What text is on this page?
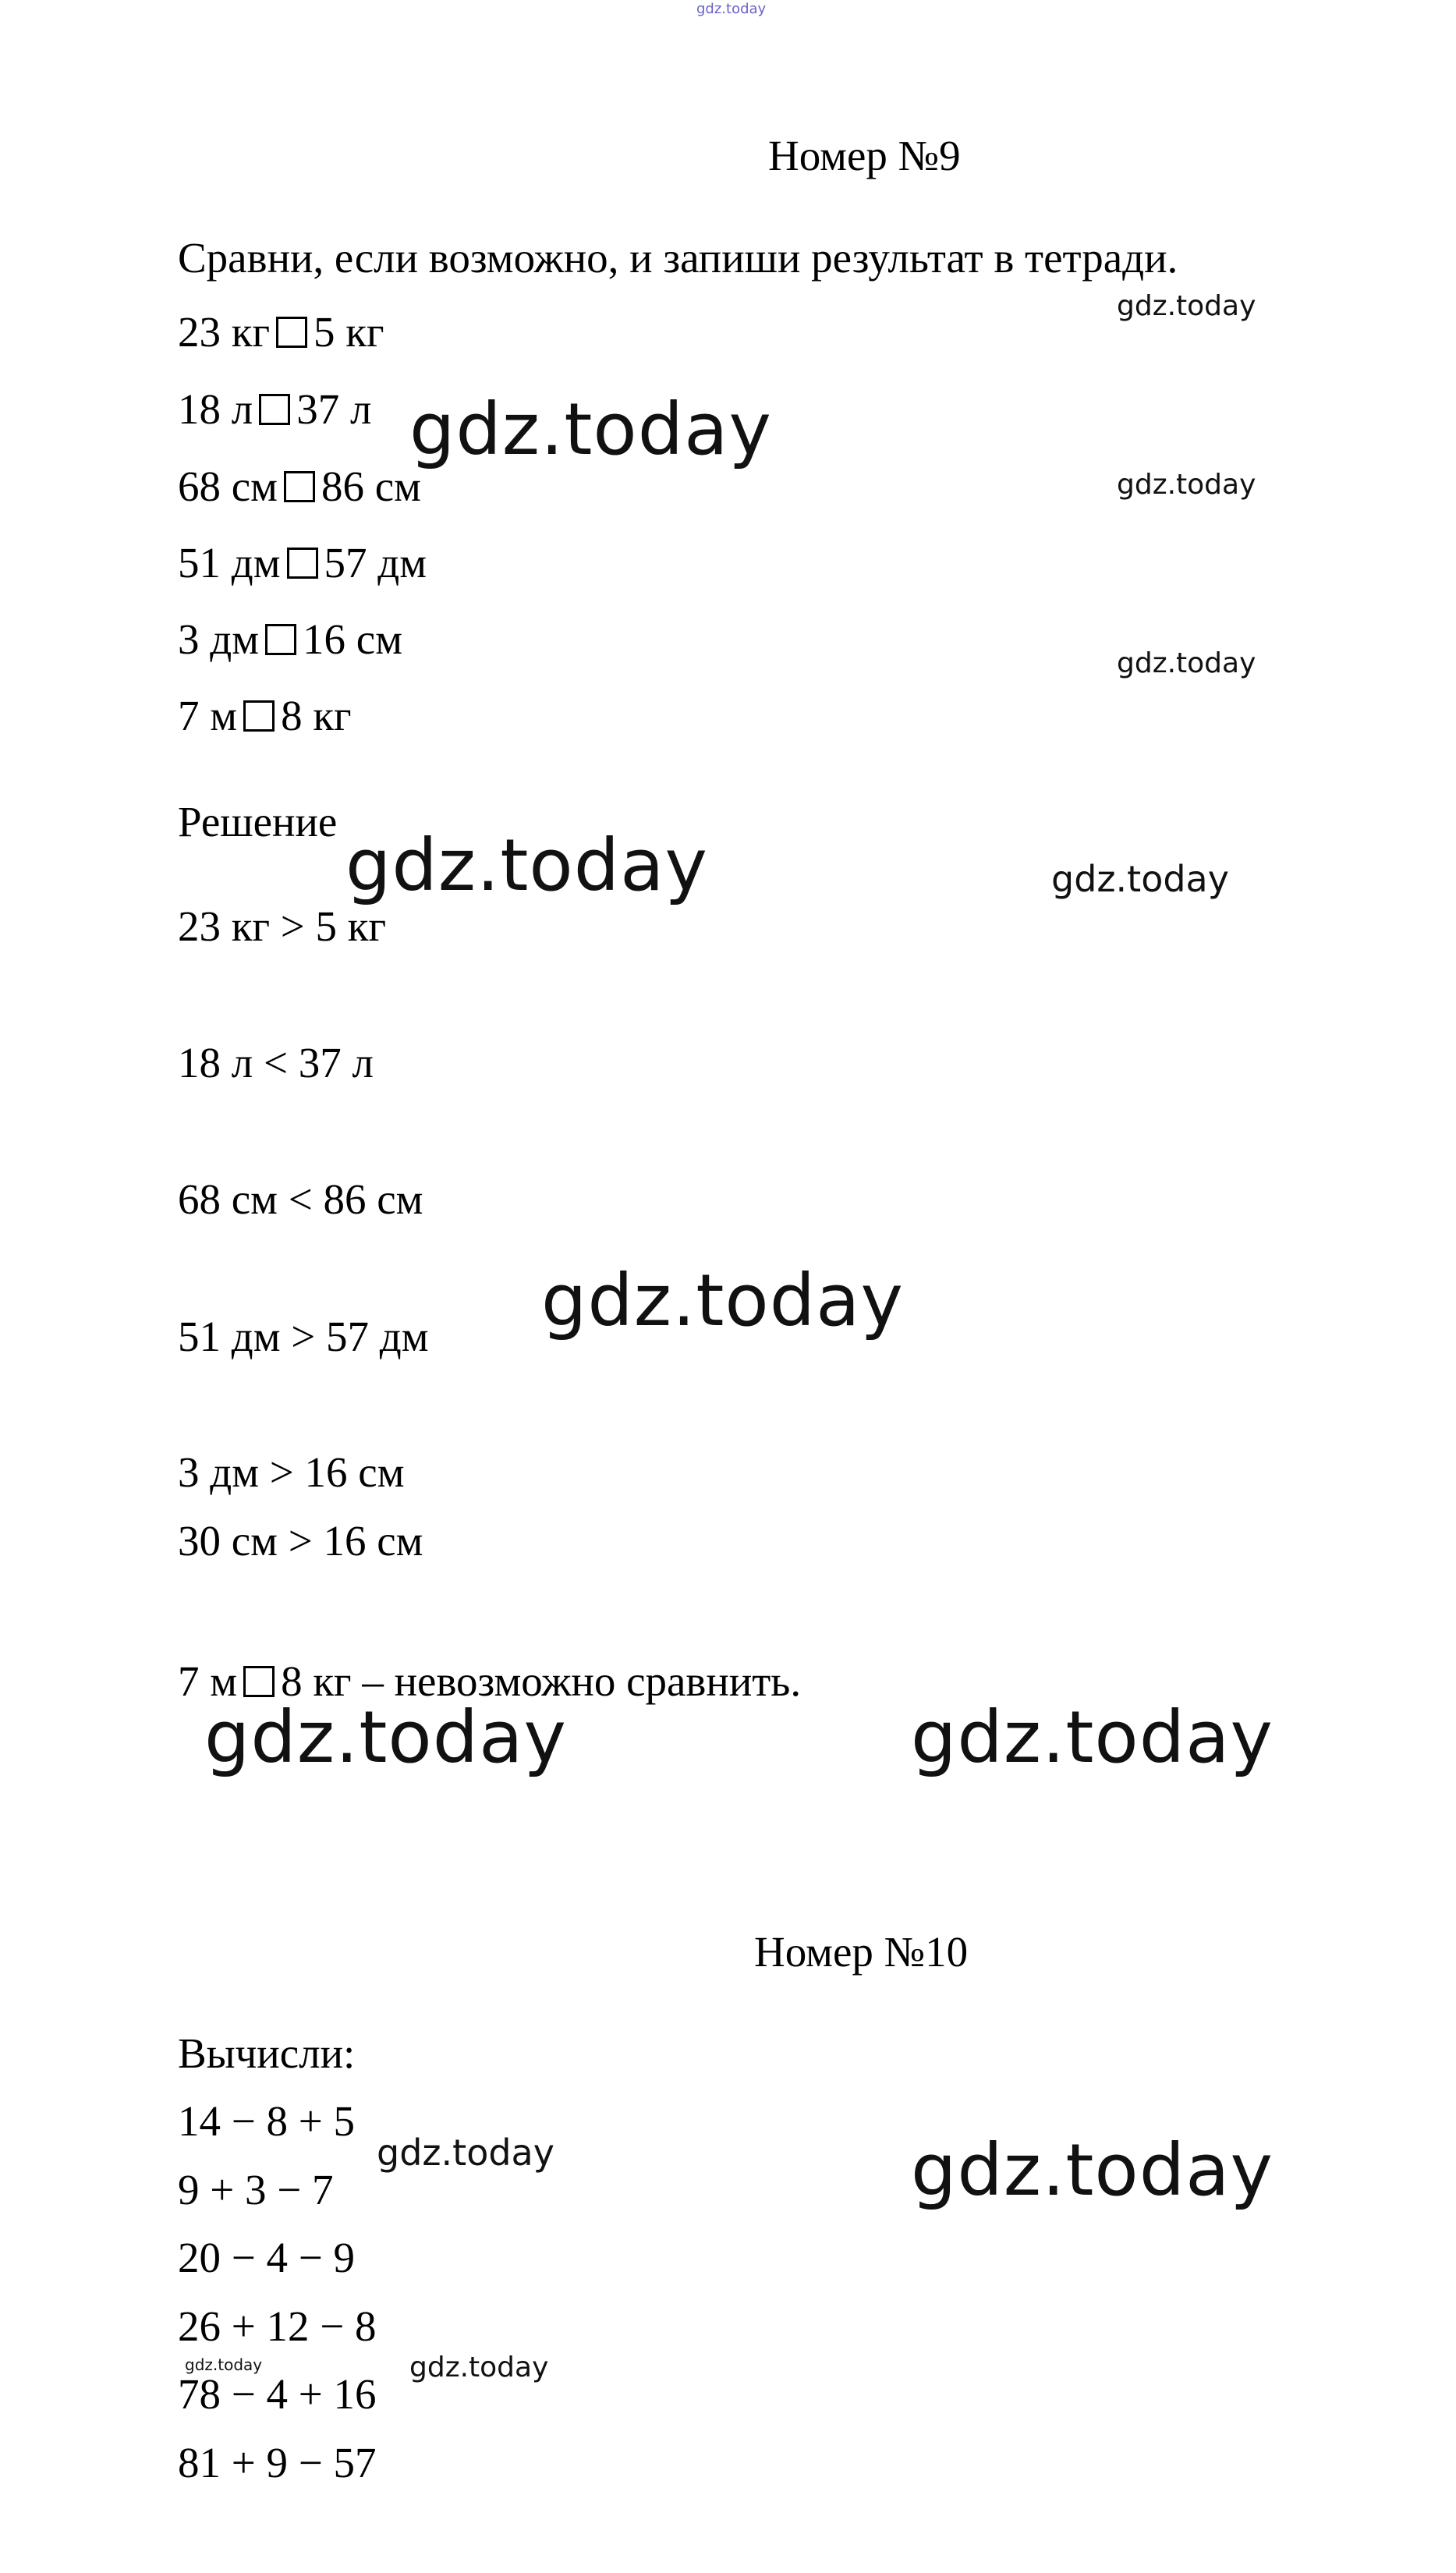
gdz.today
Номер №9
Сравни, если возможно, и запиши результат в тетради.
23 кг 5 кг
18 л 37 л
68 см 86 см
51 дм 57 дм
3 дм 16 см
7 м 8 кг
Решение
23 кг > 5 кг
18 л < 37 л
68 см < 86 см
51 дм > 57 дм
3 дм > 16 см
30 см > 16 см
7 м 8 кг – невозможно сравнить.
Номер №10
Вычисли:
14 − 8 + 5
9 + 3 − 7
20 − 4 − 9
26 + 12 − 8
78 − 4 + 16
81 + 9 − 57
gdz.today
gdz.today
gdz.today
gdz.today
gdz.today	gdz.today
gdz.today
gdz.today	gdz.today
gdz.today	gdz.today
gdz.today	gdz.today
